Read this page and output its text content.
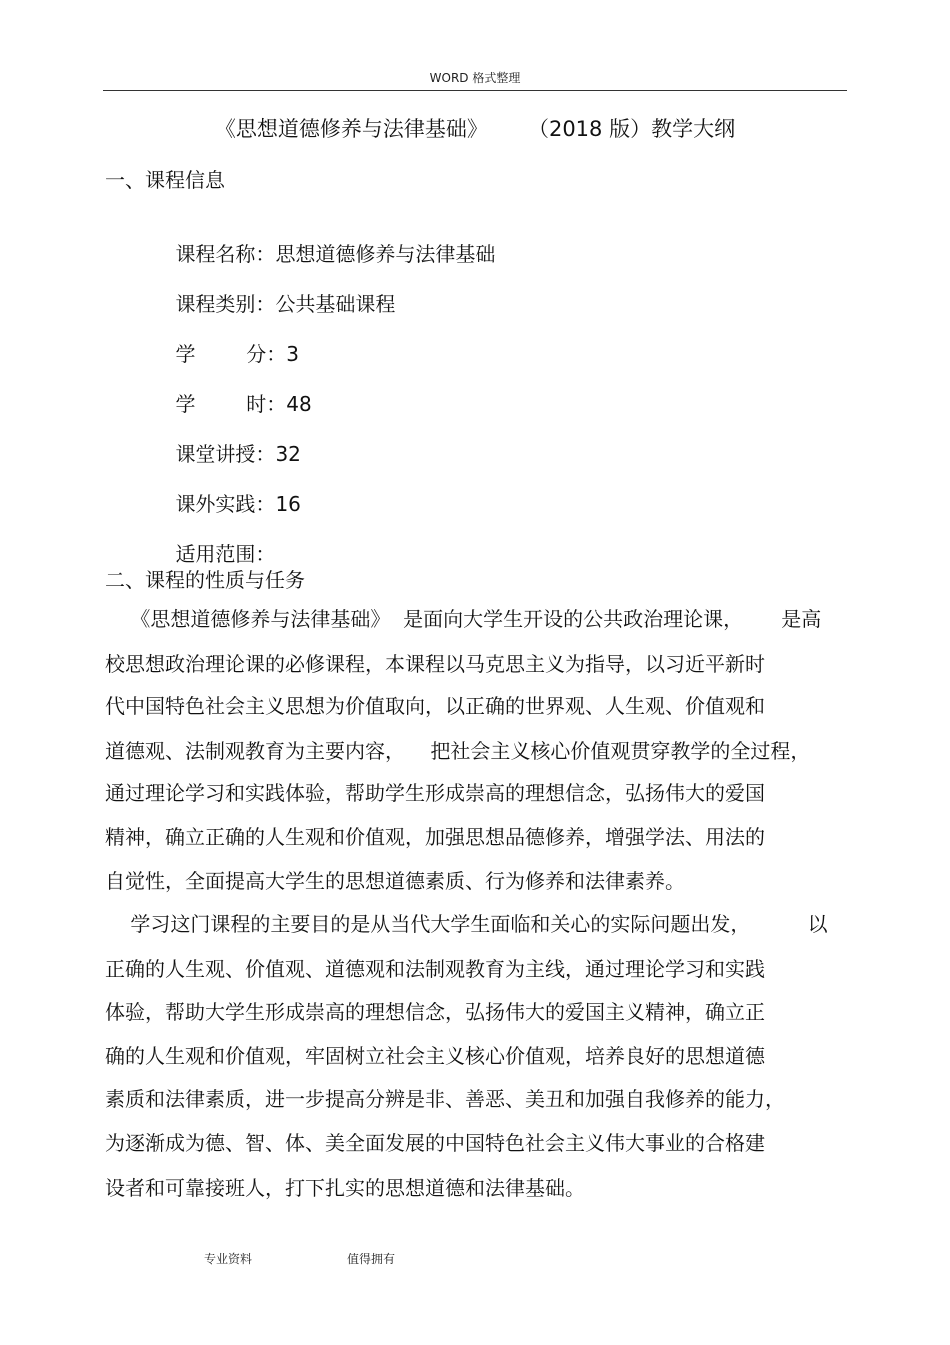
WORD 格式整理
《思想道德修养与法律基础》      （2018 版）教学大纲
一、课程信息

课程名称：思想道德修养与法律基础

课程类别：公共基础课程

学        分：3

学        时：48

课堂讲授：32

课外实践：16

适用范围：

二、课程的性质与任务
《思想道德修养与法律基础》  是面向大学生开设的公共政治理论课，      是高
校思想政治理论课的必修课程，本课程以马克思主义为指导，以习近平新时
代中国特色社会主义思想为价值取向，以正确的世界观、人生观、价值观和
道德观、法制观教育为主要内容，    把社会主义核心价值观贯穿教学的全过程，
通过理论学习和实践体验，帮助学生形成崇高的理想信念，弘扬伟大的爱国
精神，确立正确的人生观和价值观，加强思想品德修养，增强学法、用法的
自觉性，全面提高大学生的思想道德素质、行为修养和法律素养。
学习这门课程的主要目的是从当代大学生面临和关心的实际问题出发，         以
正确的人生观、价值观、道德观和法制观教育为主线，通过理论学习和实践
体验，帮助大学生形成崇高的理想信念，弘扬伟大的爱国主义精神，确立正
确的人生观和价值观，牢固树立社会主义核心价值观，培养良好的思想道德
素质和法律素质，进一步提高分辨是非、善恶、美丑和加强自我修养的能力，
为逐渐成为德、智、体、美全面发展的中国特色社会主义伟大事业的合格建
设者和可靠接班人，打下扎实的思想道德和法律基础。
专业资料	值得拥有
